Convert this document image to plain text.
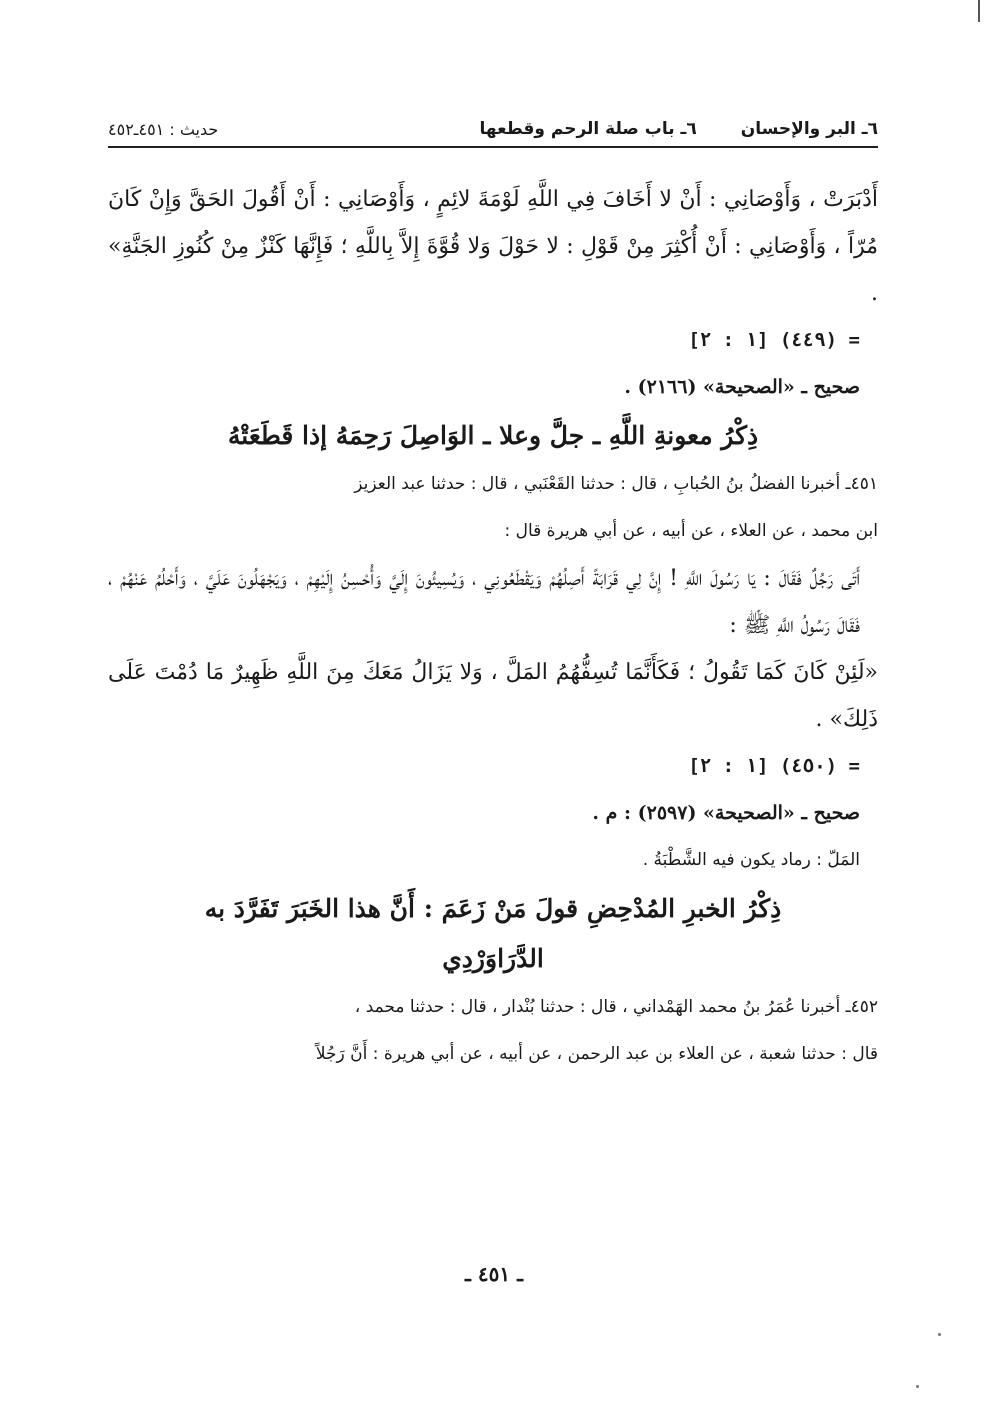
٦ـ البر والإحسان
٦ـ باب صلة الرحم وقطعها
حديث : ٤٥١ـ٤٥٢

أَدْبَرَتْ ، وَأَوْصَانِي : أَنْ لا أَخَافَ فِي اللَّهِ لَوْمَةَ لائِمٍ ، وَأَوْصَانِي : أَنْ أَقُولَ الحَقَّ وَإِنْ كَانَ مُرّاً ، وَأَوْصَانِي : أَنْ أُكْثِرَ مِنْ قَوْلِ : لا حَوْلَ وَلا قُوَّةَ إِلاَّ بِاللَّهِ ؛ فَإِنَّهَا كَنْزٌ مِنْ كُنُوزِ الجَنَّةِ» .

= (٤٤٩) [١ : ٢]

صحيح ـ «الصحيحة» (٢١٦٦) .

ذِكْرُ معونةِ اللَّهِ ـ جلَّ وعلا ـ الوَاصِلَ رَحِمَهُ إذا قَطَعَتْهُ

٤٥١ـ أخبرنا الفضلُ بنُ الحُبابِ ، قال : حدثنا القَعْنَبي ، قال : حدثنا عبد العزيز

ابن محمد ، عن العلاء ، عن أبيه ، عن أبي هريرة قال :

أَتَى رَجُلٌ فَقَالَ : يَا رَسُولَ اللَّهِ ! إِنَّ لِي قَرَابَةً أَصِلُهُمْ وَيَقْطَعُونِي ، وَيُسِيئُونَ إِلَيَّ وَأُحْسِنُ إِلَيْهِمْ ، وَيَجْهَلُونَ عَلَيَّ ، وَأَحْلُمُ عَنْهُمْ ، فَقَالَ رَسُولُ اللَّهِ ﷺ :

«لَئِنْ كَانَ كَمَا تَقُولُ ؛ فَكَأَنَّمَا تُسِفُّهُمُ المَلَّ ، وَلا يَزَالُ مَعَكَ مِنَ اللَّهِ ظَهِيرٌ مَا دُمْتَ عَلَى ذَلِكَ» .

= (٤٥٠) [١ : ٢]

صحيح ـ «الصحيحة» (٢٥٩٧) : م .

المَلّ : رماد يكون فيه الشَّطْبَةُ .

ذِكْرُ الخبرِ المُدْحِضِ قولَ مَنْ زَعَمَ : أَنَّ هذا الخَبَرَ تَفَرَّدَ به

الدَّرَاوَرْدِي

٤٥٢ـ أخبرنا عُمَرُ بنُ محمد الهَمْداني ، قال : حدثنا بُنْدار ، قال : حدثنا محمد ،

قال : حدثنا شعبة ، عن العلاء بن عبد الرحمن ، عن أبيه ، عن أبي هريرة : أَنَّ رَجُلاً

ـ ٤٥١ ـ
